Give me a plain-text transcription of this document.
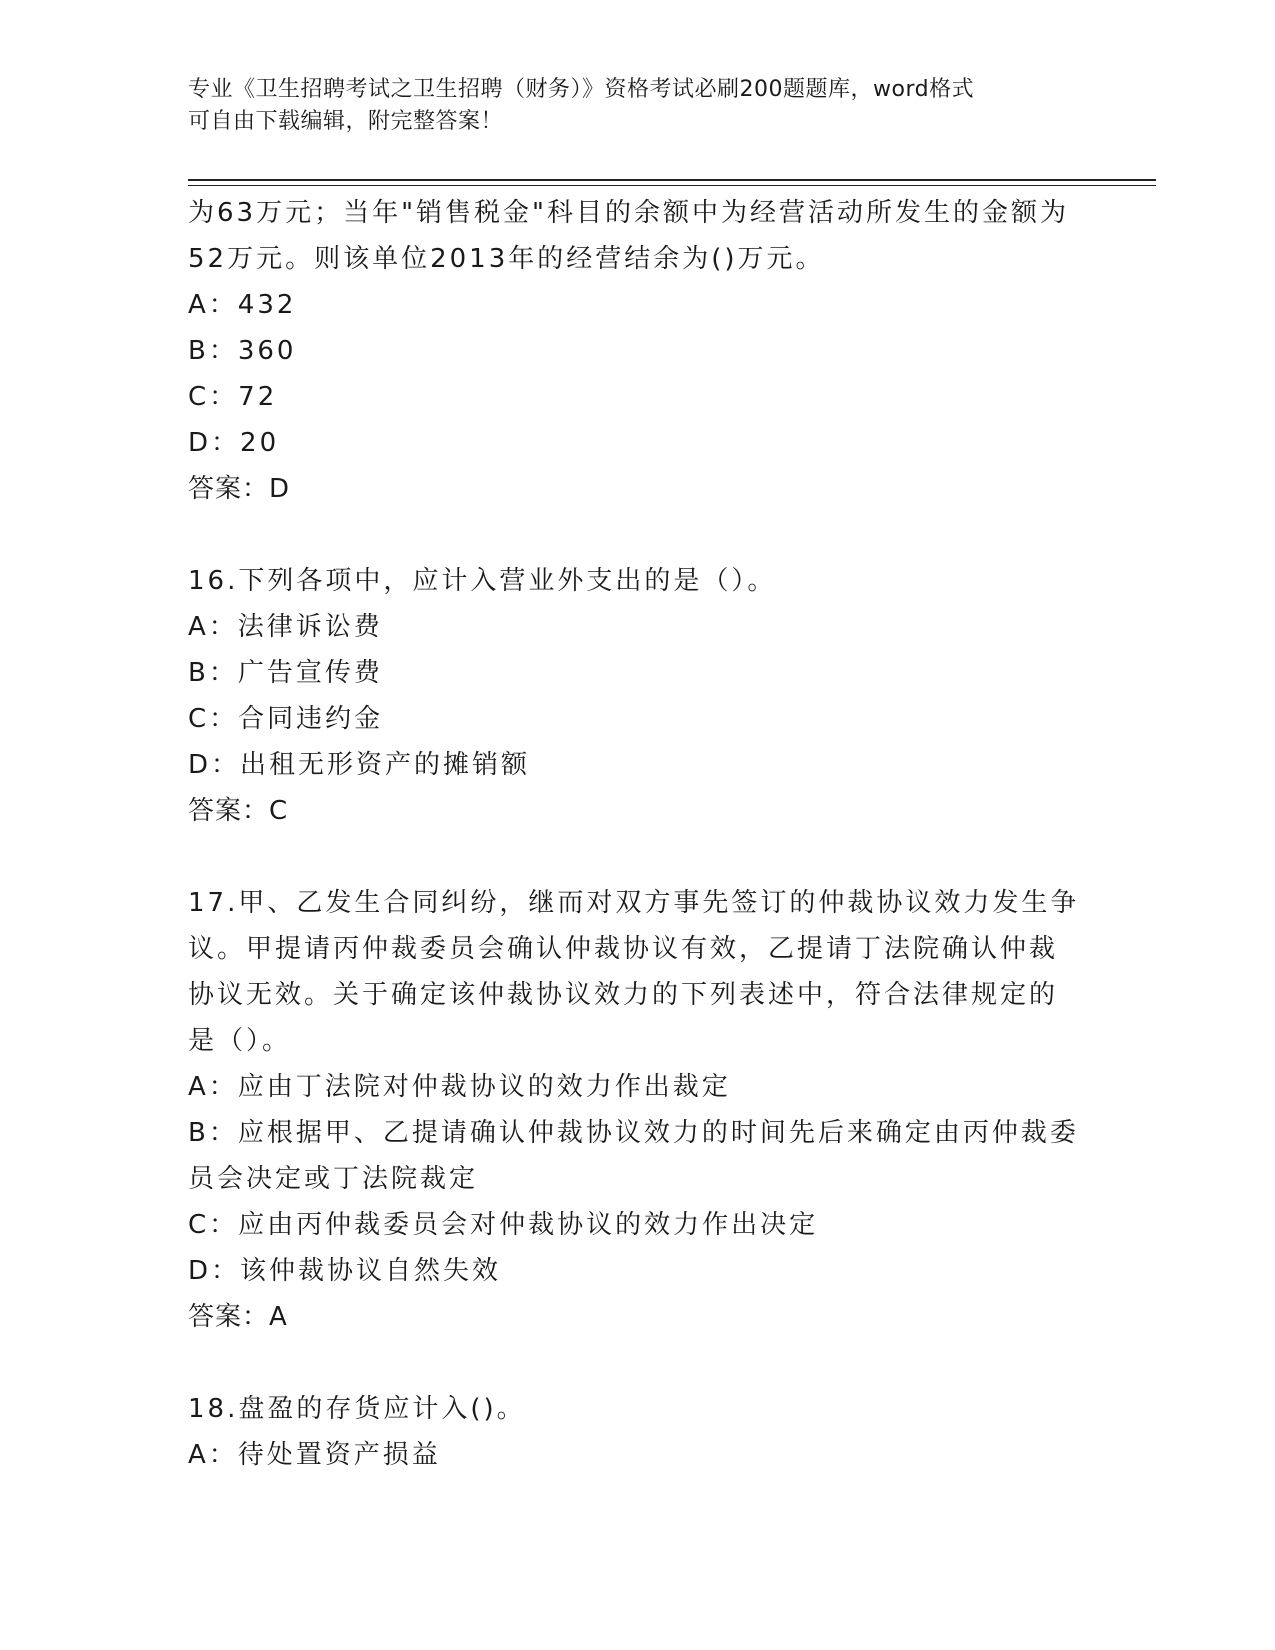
专业《卫生招聘考试之卫生招聘（财务）》资格考试必刷200题题库，word格式
可自由下载编辑，附完整答案！
为63万元；当年"销售税金"科目的余额中为经营活动所发生的金额为
52万元。则该单位2013年的经营结余为()万元。
A：432
B：360
C：72
D：20
答案：D
16.下列各项中，应计入营业外支出的是（）。
A：法律诉讼费
B：广告宣传费
C：合同违约金
D：出租无形资产的摊销额
答案：C
17.甲、乙发生合同纠纷，继而对双方事先签订的仲裁协议效力发生争
议。甲提请丙仲裁委员会确认仲裁协议有效，乙提请丁法院确认仲裁
协议无效。关于确定该仲裁协议效力的下列表述中，符合法律规定的
是（）。
A：应由丁法院对仲裁协议的效力作出裁定
B：应根据甲、乙提请确认仲裁协议效力的时间先后来确定由丙仲裁委
员会决定或丁法院裁定
C：应由丙仲裁委员会对仲裁协议的效力作出决定
D：该仲裁协议自然失效
答案：A
18.盘盈的存货应计入()。
A：待处置资产损益
